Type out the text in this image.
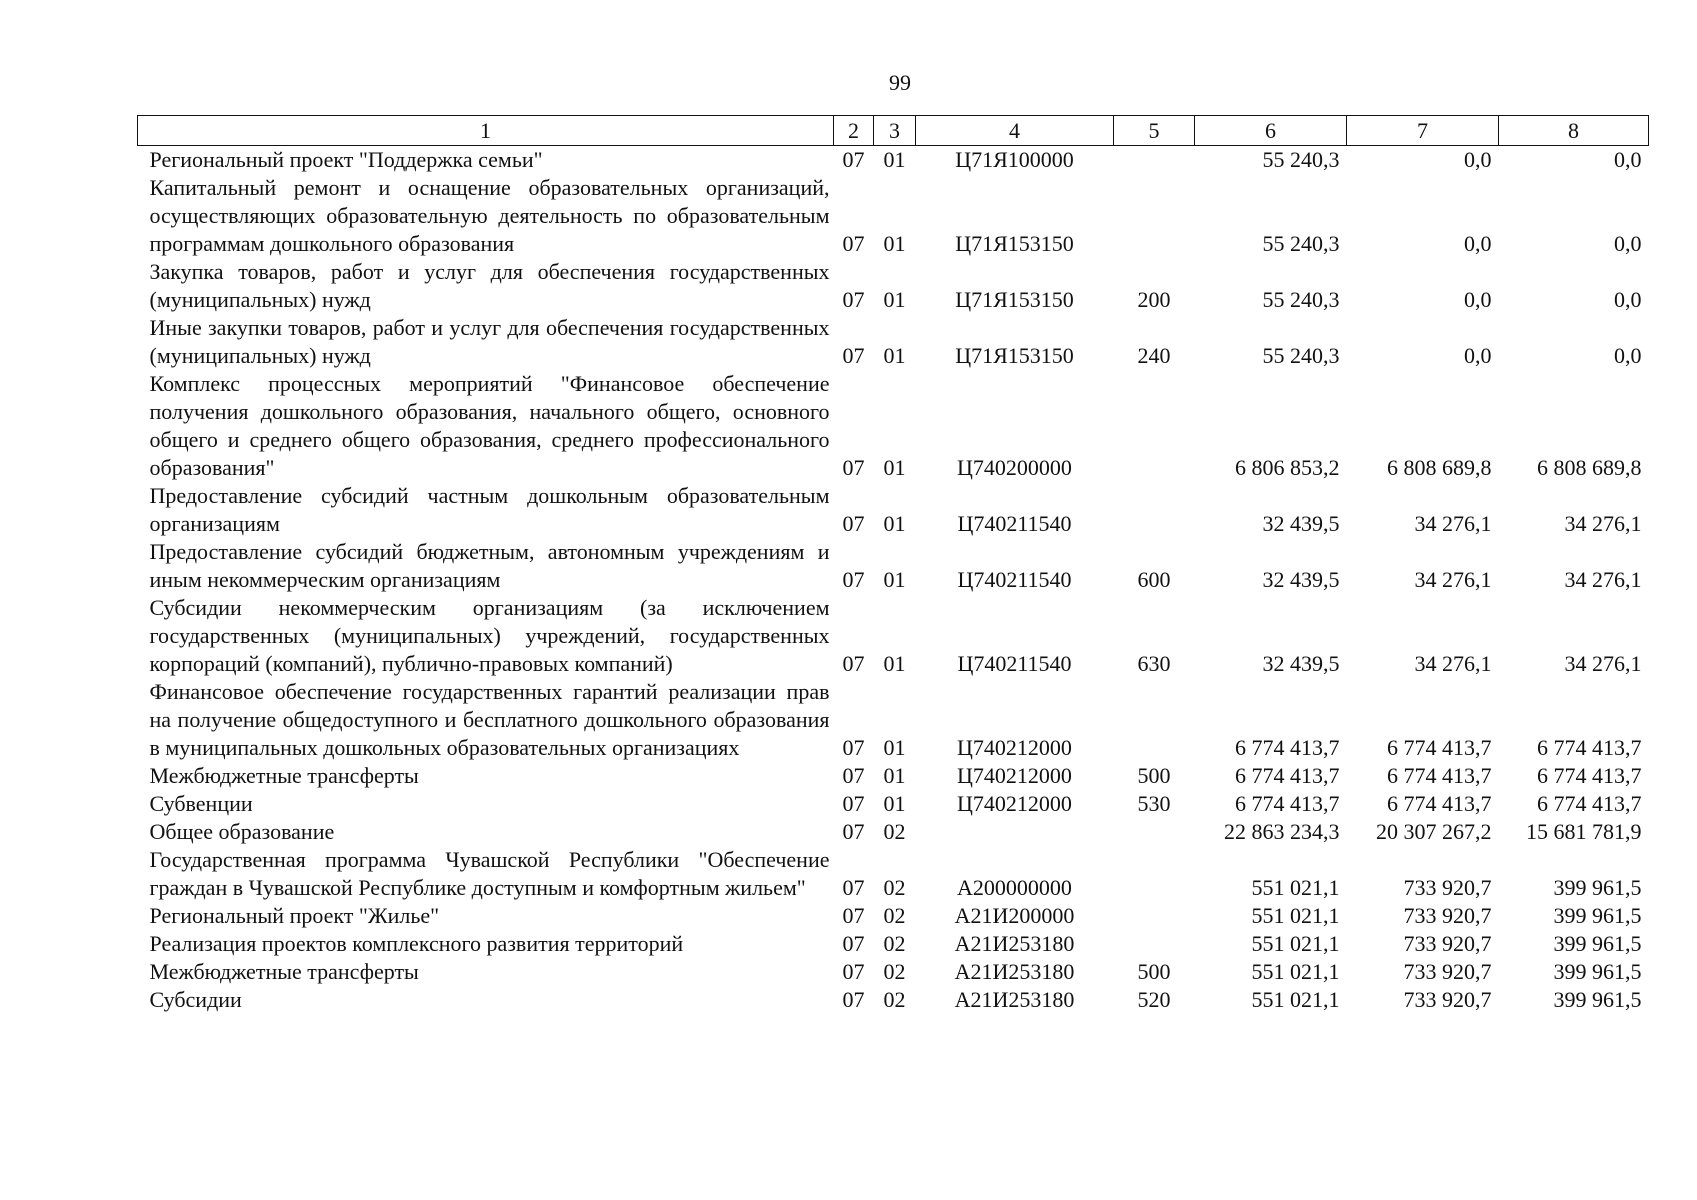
99
1	2	3	4	5	6	7	8
Региональный проект "Поддержка семьи"	07	01	Ц71Я100000		55 240,3	0,0	0,0
Капитальный ремонт и оснащение образовательных организаций, осуществляющих образовательную деятельность по образовательным программам дошкольного образования	07	01	Ц71Я153150		55 240,3	0,0	0,0
Закупка товаров, работ и услуг для обеспечения государственных (муниципальных) нужд	07	01	Ц71Я153150	200	55 240,3	0,0	0,0
Иные закупки товаров, работ и услуг для обеспечения государственных (муниципальных) нужд	07	01	Ц71Я153150	240	55 240,3	0,0	0,0
Комплекс процессных мероприятий "Финансовое обеспечение получения дошкольного образования, начального общего, основного общего и среднего общего образования, среднего профессионального образования"	07	01	Ц740200000		6 806 853,2	6 808 689,8	6 808 689,8
Предоставление субсидий частным дошкольным образовательным организациям	07	01	Ц740211540		32 439,5	34 276,1	34 276,1
Предоставление субсидий бюджетным, автономным учреждениям и иным некоммерческим организациям	07	01	Ц740211540	600	32 439,5	34 276,1	34 276,1
Субсидии некоммерческим организациям (за исключением государственных (муниципальных) учреждений, государственных корпораций (компаний), публично-правовых компаний)	07	01	Ц740211540	630	32 439,5	34 276,1	34 276,1
Финансовое обеспечение государственных гарантий реализации прав на получение общедоступного и бесплатного дошкольного образования в муниципальных дошкольных образовательных организациях	07	01	Ц740212000		6 774 413,7	6 774 413,7	6 774 413,7
Межбюджетные трансферты	07	01	Ц740212000	500	6 774 413,7	6 774 413,7	6 774 413,7
Субвенции	07	01	Ц740212000	530	6 774 413,7	6 774 413,7	6 774 413,7
Общее образование	07	02			22 863 234,3	20 307 267,2	15 681 781,9
Государственная программа Чувашской Республики "Обеспечение граждан в Чувашской Республике доступным и комфортным жильем"	07	02	А200000000		551 021,1	733 920,7	399 961,5
Региональный проект "Жилье"	07	02	А21И200000		551 021,1	733 920,7	399 961,5
Реализация проектов комплексного развития территорий	07	02	А21И253180		551 021,1	733 920,7	399 961,5
Межбюджетные трансферты	07	02	А21И253180	500	551 021,1	733 920,7	399 961,5
Субсидии	07	02	А21И253180	520	551 021,1	733 920,7	399 961,5
